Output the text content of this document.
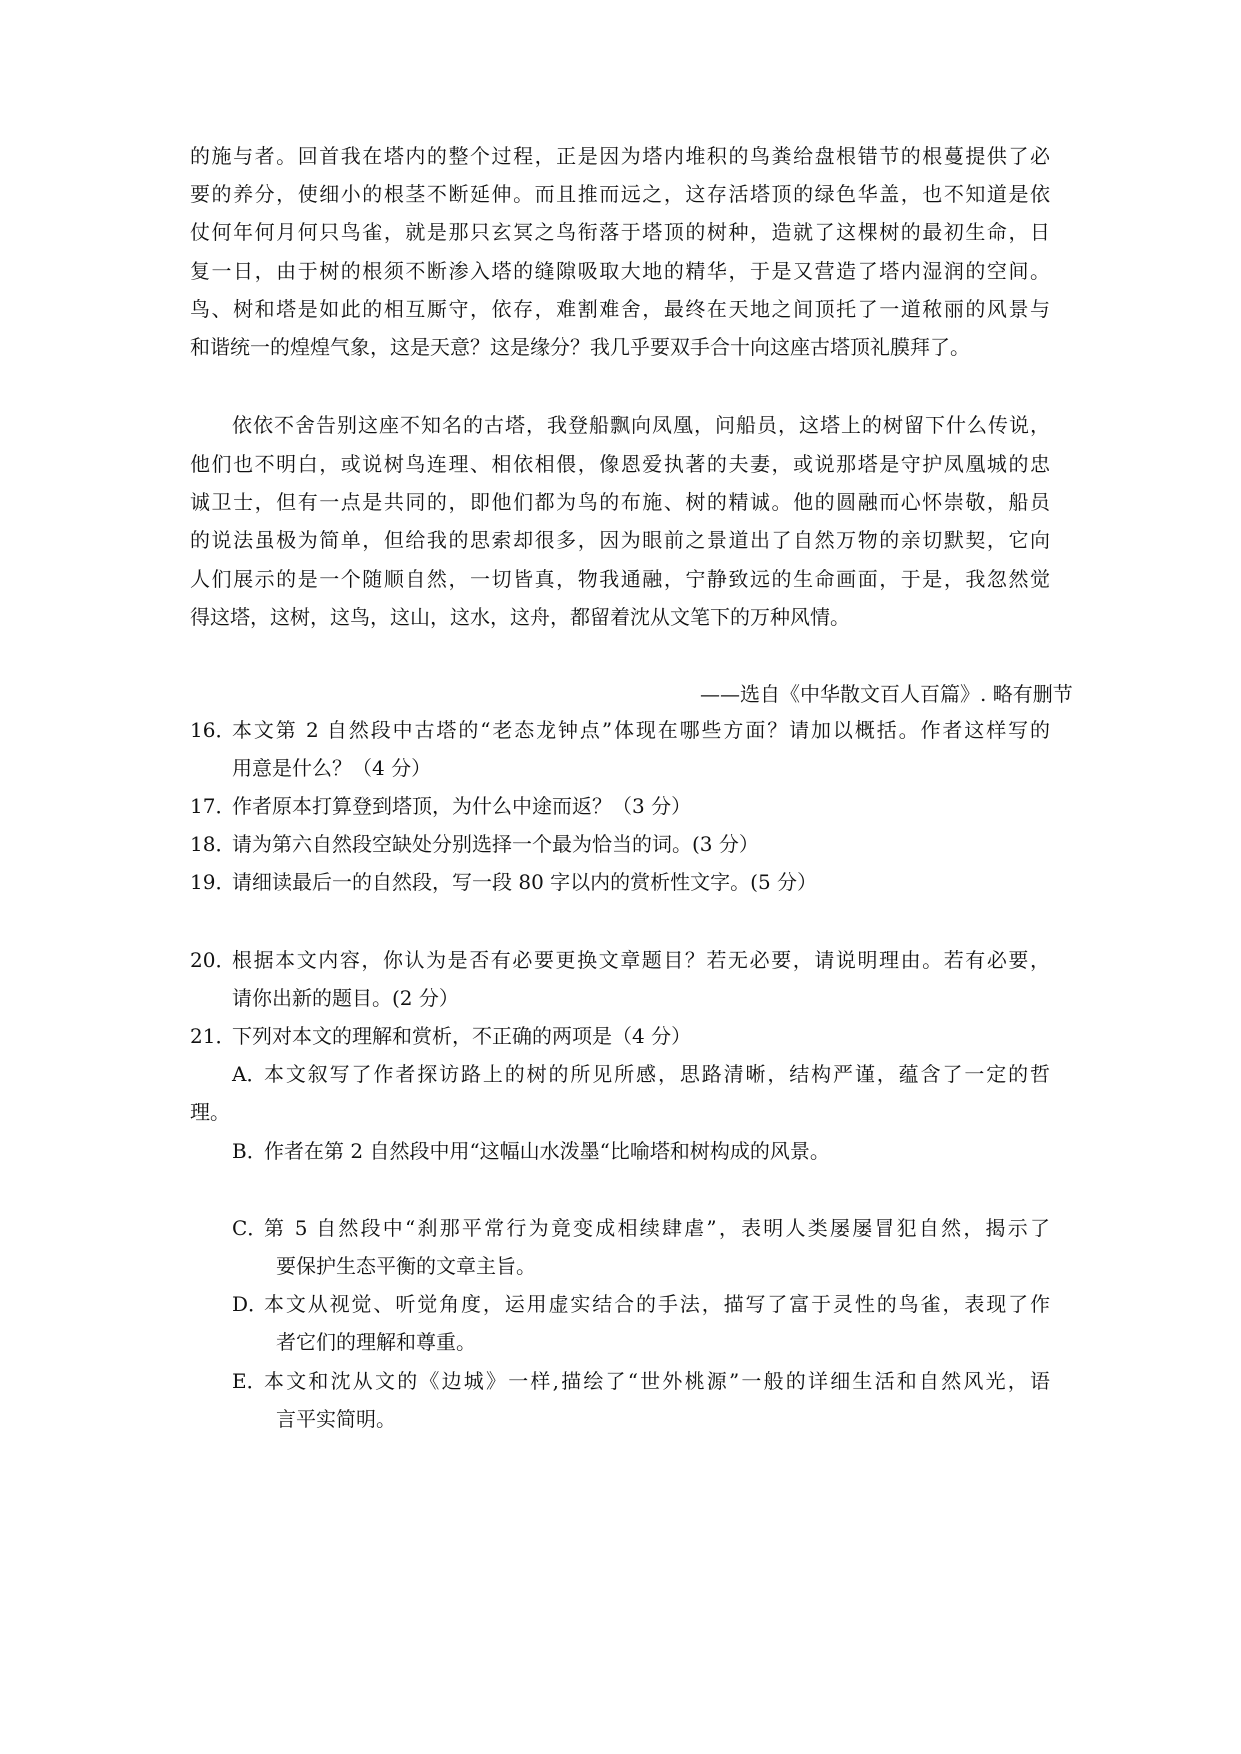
的施与者。回首我在塔内的整个过程，正是因为塔内堆积的鸟粪给盘根错节的根蔓提供了必
要的养分，使细小的根茎不断延伸。而且推而远之，这存活塔顶的绿色华盖，也不知道是依
仗何年何月何只鸟雀，就是那只玄冥之鸟衔落于塔顶的树种，造就了这棵树的最初生命，日
复一日，由于树的根须不断渗入塔的缝隙吸取大地的精华，于是又营造了塔内湿润的空间。
鸟、树和塔是如此的相互厮守，依存，难割难舍，最终在天地之间顶托了一道秾丽的风景与
和谐统一的煌煌气象，这是天意？这是缘分？我几乎要双手合十向这座古塔顶礼膜拜了。
依依不舍告别这座不知名的古塔，我登船飘向凤凰，问船员，这塔上的树留下什么传说，
他们也不明白，或说树鸟连理、相依相偎，像恩爱执著的夫妻，或说那塔是守护凤凰城的忠
诚卫士，但有一点是共同的，即他们都为鸟的布施、树的精诚。他的圆融而心怀崇敬，船员
的说法虽极为简单，但给我的思索却很多，因为眼前之景道出了自然万物的亲切默契，它向
人们展示的是一个随顺自然，一切皆真，物我通融，宁静致远的生命画面，于是，我忽然觉
得这塔，这树，这鸟，这山，这水，这舟，都留着沈从文笔下的万种风情。
——选自《中华散文百人百篇》. 略有删节
16．
本文第 2 自然段中古塔的“老态龙钟点”体现在哪些方面？请加以概括。作者这样写的
用意是什么？（4 分）
17．
作者原本打算登到塔顶，为什么中途而返？（3 分）
18．
请为第六自然段空缺处分别选择一个最为恰当的词。(3 分）
19．
请细读最后一的自然段，写一段 80 字以内的赏析性文字。(5 分）
20．
根据本文内容，你认为是否有必要更换文章题目？若无必要，请说明理由。若有必要，
请你出新的题目。(2 分）
21．
下列对本文的理解和赏析，不正确的两项是（4 分）
A．
本文叙写了作者探访路上的树的所见所感，思路清晰，结构严谨，蕴含了一定的哲
理。
B．
作者在第 2 自然段中用“这幅山水泼墨“比喻塔和树构成的风景。
C．
第 5 自然段中“刹那平常行为竟变成相续肆虐”，表明人类屡屡冒犯自然，揭示了
要保护生态平衡的文章主旨。
D．
本文从视觉、听觉角度，运用虚实结合的手法，描写了富于灵性的鸟雀，表现了作
者它们的理解和尊重。
E．
本文和沈从文的《边城》一样,描绘了“世外桃源”一般的详细生活和自然风光，语
言平实简明。
